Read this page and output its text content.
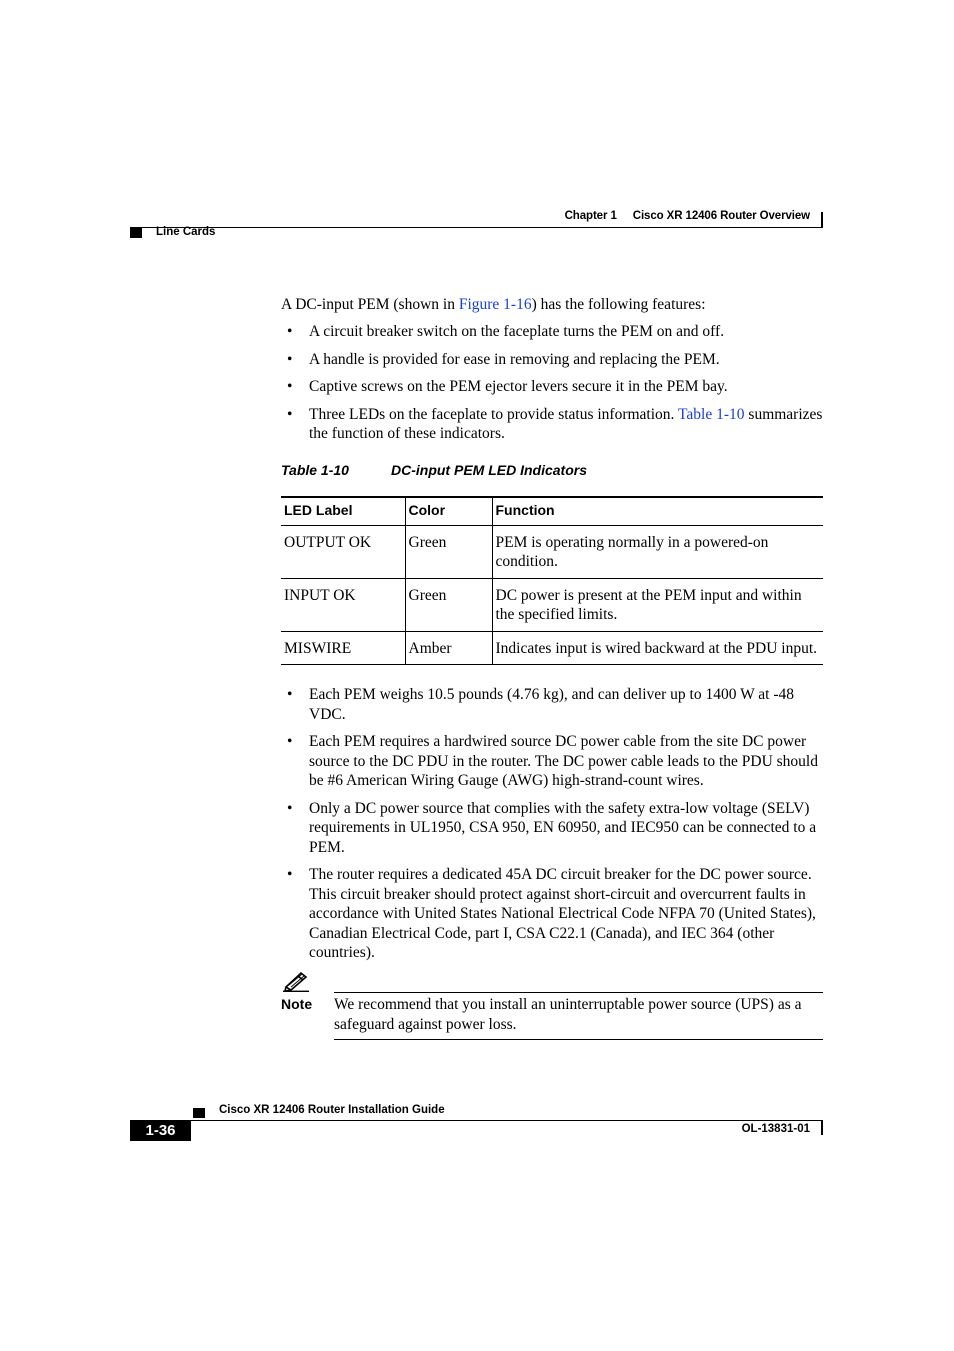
Chapter 1 Cisco XR 12406 Router Overview
Line Cards
A DC-input PEM (shown in Figure 1-16) has the following features:
• A circuit breaker switch on the faceplate turns the PEM on and off.
• A handle is provided for ease in removing and replacing the PEM.
• Captive screws on the PEM ejector levers secure it in the PEM bay.
• Three LEDs on the faceplate to provide status information. Table 1-10 summarizes the function of these indicators.
Table 1-10	DC-input PEM LED Indicators
LED Label	Color	Function
OUTPUT OK	Green	PEM is operating normally in a powered-on condition.
INPUT OK	Green	DC power is present at the PEM input and within the specified limits.
MISWIRE	Amber	Indicates input is wired backward at the PDU input.
• Each PEM weighs 10.5 pounds (4.76 kg), and can deliver up to 1400 W at -48 VDC.
• Each PEM requires a hardwired source DC power cable from the site DC power source to the DC PDU in the router. The DC power cable leads to the PDU should be #6 American Wiring Gauge (AWG) high-strand-count wires.
• Only a DC power source that complies with the safety extra-low voltage (SELV) requirements in UL1950, CSA 950, EN 60950, and IEC950 can be connected to a PEM.
• The router requires a dedicated 45A DC circuit breaker for the DC power source. This circuit breaker should protect against short-circuit and overcurrent faults in accordance with United States National Electrical Code NFPA 70 (United States), Canadian Electrical Code, part I, CSA C22.1 (Canada), and IEC 364 (other countries).
Note We recommend that you install an uninterruptable power source (UPS) as a safeguard against power loss.
Cisco XR 12406 Router Installation Guide
1-36	OL-13831-01
